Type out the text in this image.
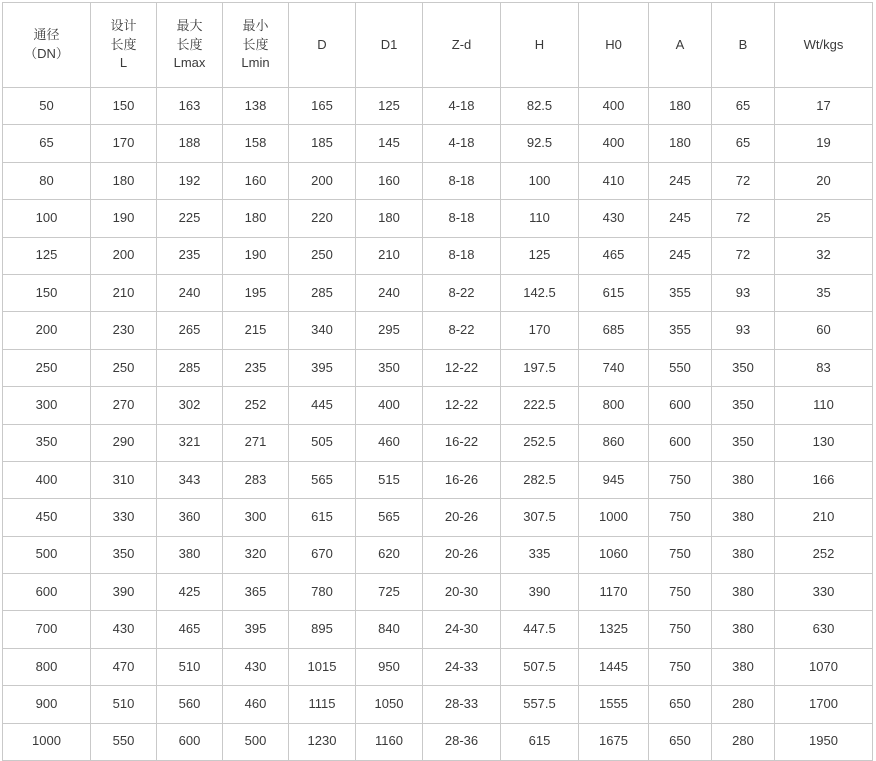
通径
（DN）	设计
长度
L	最大
长度
Lmax	最小
长度
Lmin	D	D1	Z-d	H	H0	A	B	Wt/kgs

50	150	163	138	165	125	4-18	82.5	400	180	65	17
65	170	188	158	185	145	4-18	92.5	400	180	65	19
80	180	192	160	200	160	8-18	100	410	245	72	20
100	190	225	180	220	180	8-18	110	430	245	72	25
125	200	235	190	250	210	8-18	125	465	245	72	32
150	210	240	195	285	240	8-22	142.5	615	355	93	35
200	230	265	215	340	295	8-22	170	685	355	93	60
250	250	285	235	395	350	12-22	197.5	740	550	350	83
300	270	302	252	445	400	12-22	222.5	800	600	350	110
350	290	321	271	505	460	16-22	252.5	860	600	350	130
400	310	343	283	565	515	16-26	282.5	945	750	380	166
450	330	360	300	615	565	20-26	307.5	1000	750	380	210
500	350	380	320	670	620	20-26	335	1060	750	380	252
600	390	425	365	780	725	20-30	390	1170	750	380	330
700	430	465	395	895	840	24-30	447.5	1325	750	380	630
800	470	510	430	1015	950	24-33	507.5	1445	750	380	1070
900	510	560	460	1115	1050	28-33	557.5	1555	650	280	1700
1000	550	600	500	1230	1160	28-36	615	1675	650	280	1950
